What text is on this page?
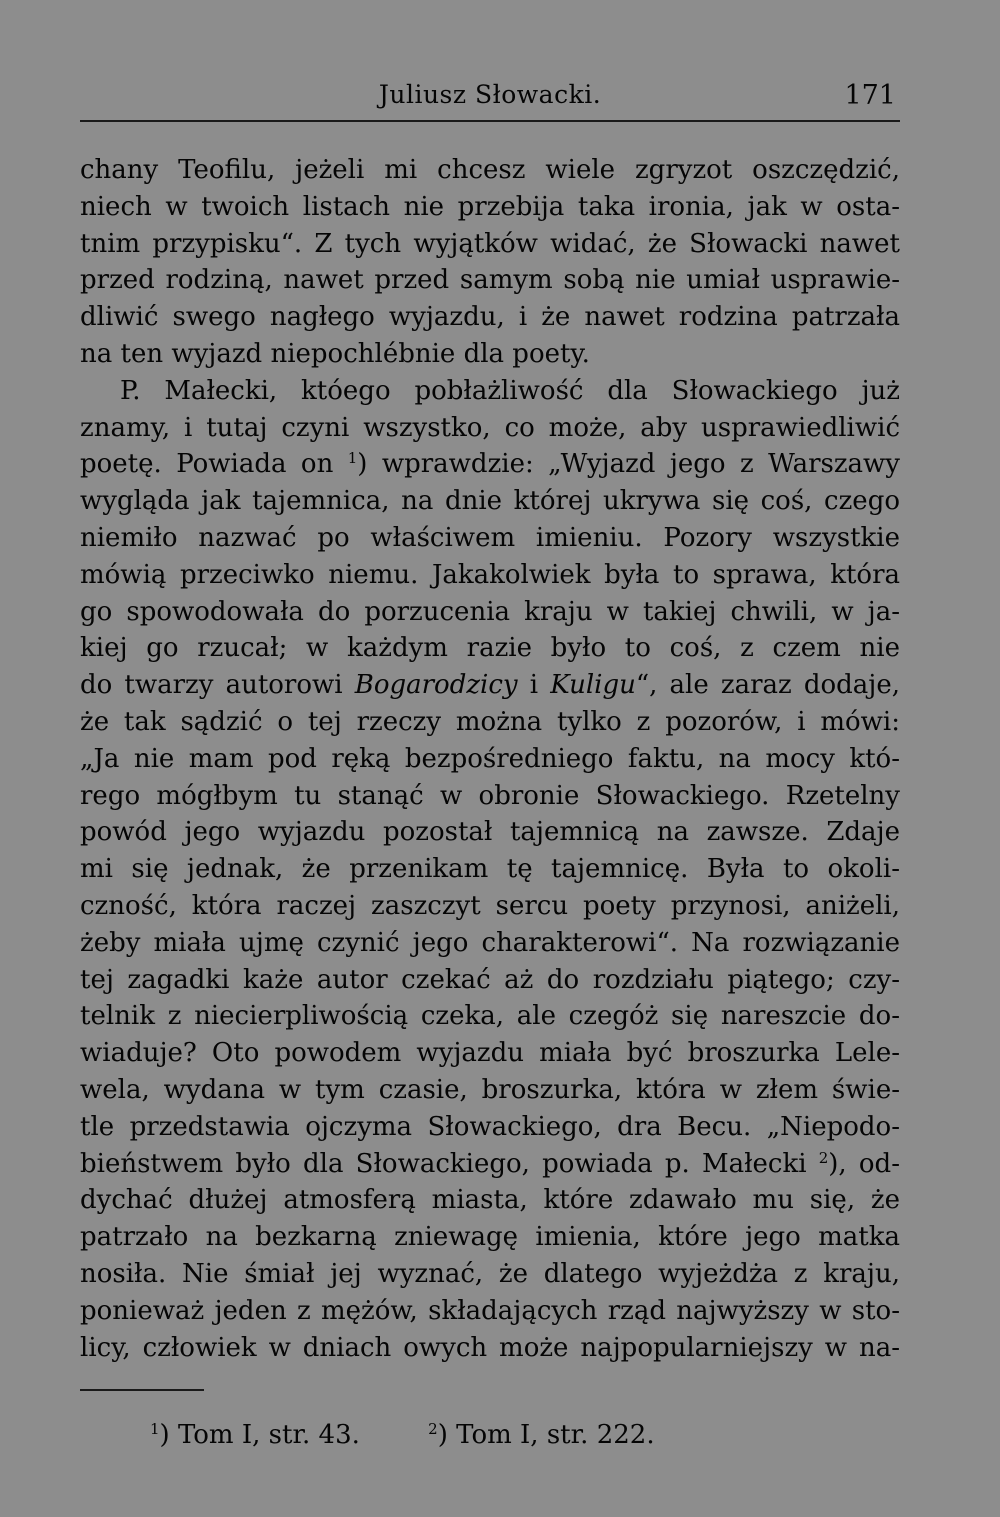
Juliusz Słowacki.	171
chany Teofilu, jeżeli mi chcesz wiele zgryzot oszczędzić,
niech w twoich listach nie przebija taka ironia, jak w osta-
tnim przypisku“. Z tych wyjątków widać, że Słowacki nawet
przed rodziną, nawet przed samym sobą nie umiał usprawie-
dliwić swego nagłego wyjazdu, i że nawet rodzina patrzała
na ten wyjazd niepochlébnie dla poety.
P. Małecki, któego pobłażliwość dla Słowackiego już
znamy, i tutaj czyni wszystko, co może, aby usprawiedliwić
poetę. Powiada on $^1$) wprawdzie: „Wyjazd jego z Warszawy
wygląda jak tajemnica, na dnie której ukrywa się coś, czego
niemiło nazwać po właściwem imieniu. Pozory wszystkie
mówią przeciwko niemu. Jakakolwiek była to sprawa, która
go spowodowała do porzucenia kraju w takiej chwili, w ja-
kiej go rzucał; w każdym razie było to coś, z czem nie
do twarzy autorowi Bogarodzicy i Kuligu“, ale zaraz dodaje,
że tak sądzić o tej rzeczy można tylko z pozorów, i mówi:
„Ja nie mam pod ręką bezpośredniego faktu, na mocy któ-
rego mógłbym tu stanąć w obronie Słowackiego. Rzetelny
powód jego wyjazdu pozostał tajemnicą na zawsze. Zdaje
mi się jednak, że przenikam tę tajemnicę. Była to okoli-
czność, która raczej zaszczyt sercu poety przynosi, aniżeli,
żeby miała ujmę czynić jego charakterowi“. Na rozwiązanie
tej zagadki każe autor czekać aż do rozdziału piątego; czy-
telnik z niecierpliwością czeka, ale czegóż się nareszcie do-
wiaduje? Oto powodem wyjazdu miała być broszurka Lele-
wela, wydana w tym czasie, broszurka, która w złem świe-
tle przedstawia ojczyma Słowackiego, dra Becu. „Niepodo-
bieństwem było dla Słowackiego, powiada p. Małecki $^2$), od-
dychać dłużej atmosferą miasta, które zdawało mu się, że
patrzało na bezkarną zniewagę imienia, które jego matka
nosiła. Nie śmiał jej wyznać, że dlatego wyjeżdża z kraju,
ponieważ jeden z mężów, składających rząd najwyższy w sto-
licy, człowiek w dniach owych może najpopularniejszy w na-
$^1$) Tom I, str. 43.	$^2$) Tom I, str. 222.
